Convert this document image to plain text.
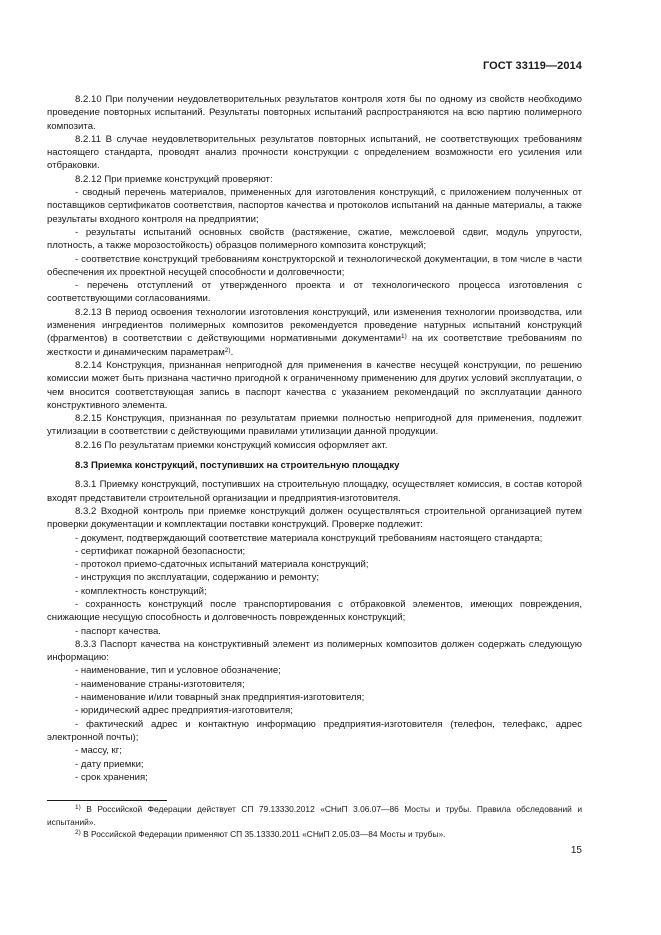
ГОСТ 33119—2014

8.2.10 При получении неудовлетворительных результатов контроля хотя бы по одному из свойств необходимо проведение повторных испытаний. Результаты повторных испытаний распространяются на всю партию полимерного композита.

8.2.11 В случае неудовлетворительных результатов повторных испытаний, не соответствующих требованиям настоящего стандарта, проводят анализ прочности конструкции с определением возможности его усиления или отбраковки.

8.2.12 При приемке конструкций проверяют:

- сводный перечень материалов, примененных для изготовления конструкций, с приложением полученных от поставщиков сертификатов соответствия, паспортов качества и протоколов испытаний на данные материалы, а также результаты входного контроля на предприятии;

- результаты испытаний основных свойств (растяжение, сжатие, межслоевой сдвиг, модуль упругости, плотность, а также морозостойкость) образцов полимерного композита конструкций;

- соответствие конструкций требованиям конструкторской и технологической документации, в том числе в части обеспечения их проектной несущей способности и долговечности;

- перечень отступлений от утвержденного проекта и от технологического процесса изготовления с соответствующими согласованиями.

8.2.13 В период освоения технологии изготовления конструкций, или изменения технологии производства, или изменения ингредиентов полимерных композитов рекомендуется проведение натурных испытаний конструкций (фрагментов) в соответствии с действующими нормативными документами$^{1)}$ на их соответствие требованиям по жесткости и динамическим параметрам$^{2)}$.

8.2.14 Конструкция, признанная непригодной для применения в качестве несущей конструкции, по решению комиссии может быть признана частично пригодной к ограниченному применению для других условий эксплуатации, о чем вносится соответствующая запись в паспорт качества с указанием рекомендаций по эксплуатации данного конструктивного элемента.

8.2.15 Конструкция, признанная по результатам приемки полностью непригодной для применения, подлежит утилизации в соответствии с действующими правилами утилизации данной продукции.

8.2.16 По результатам приемки конструкций комиссия оформляет акт.

8.3 Приемка конструкций, поступивших на строительную площадку

8.3.1 Приемку конструкций, поступивших на строительную площадку, осуществляет комиссия, в состав которой входят представители строительной организации и предприятия-изготовителя.

8.3.2 Входной контроль при приемке конструкций должен осуществляться строительной организацией путем проверки документации и комплектации поставки конструкций. Проверке подлежит:

- документ, подтверждающий соответствие материала конструкций требованиям настоящего стандарта;

- сертификат пожарной безопасности;

- протокол приемо-сдаточных испытаний материала конструкций;

- инструкция по эксплуатации, содержанию и ремонту;

- комплектность конструкций;

- сохранность конструкций после транспортирования с отбраковкой элементов, имеющих повреждения, снижающие несущую способность и долговечность поврежденных конструкций;

- паспорт качества.

8.3.3 Паспорт качества на конструктивный элемент из полимерных композитов должен содержать следующую информацию:

- наименование, тип и условное обозначение;

- наименование страны-изготовителя;

- наименование и/или товарный знак предприятия-изготовителя;

- юридический адрес предприятия-изготовителя;

- фактический адрес и контактную информацию предприятия-изготовителя (телефон, телефакс, адрес электронной почты);

- массу, кг;

- дату приемки;

- срок хранения;

$^{1)}$ В Российской Федерации действует СП 79.13330.2012 «СНиП 3.06.07—86 Мосты и трубы. Правила обследований и испытаний».

$^{2)}$ В Российской Федерации применяют СП 35.13330.2011 «СНиП 2.05.03—84 Мосты и трубы».

15
